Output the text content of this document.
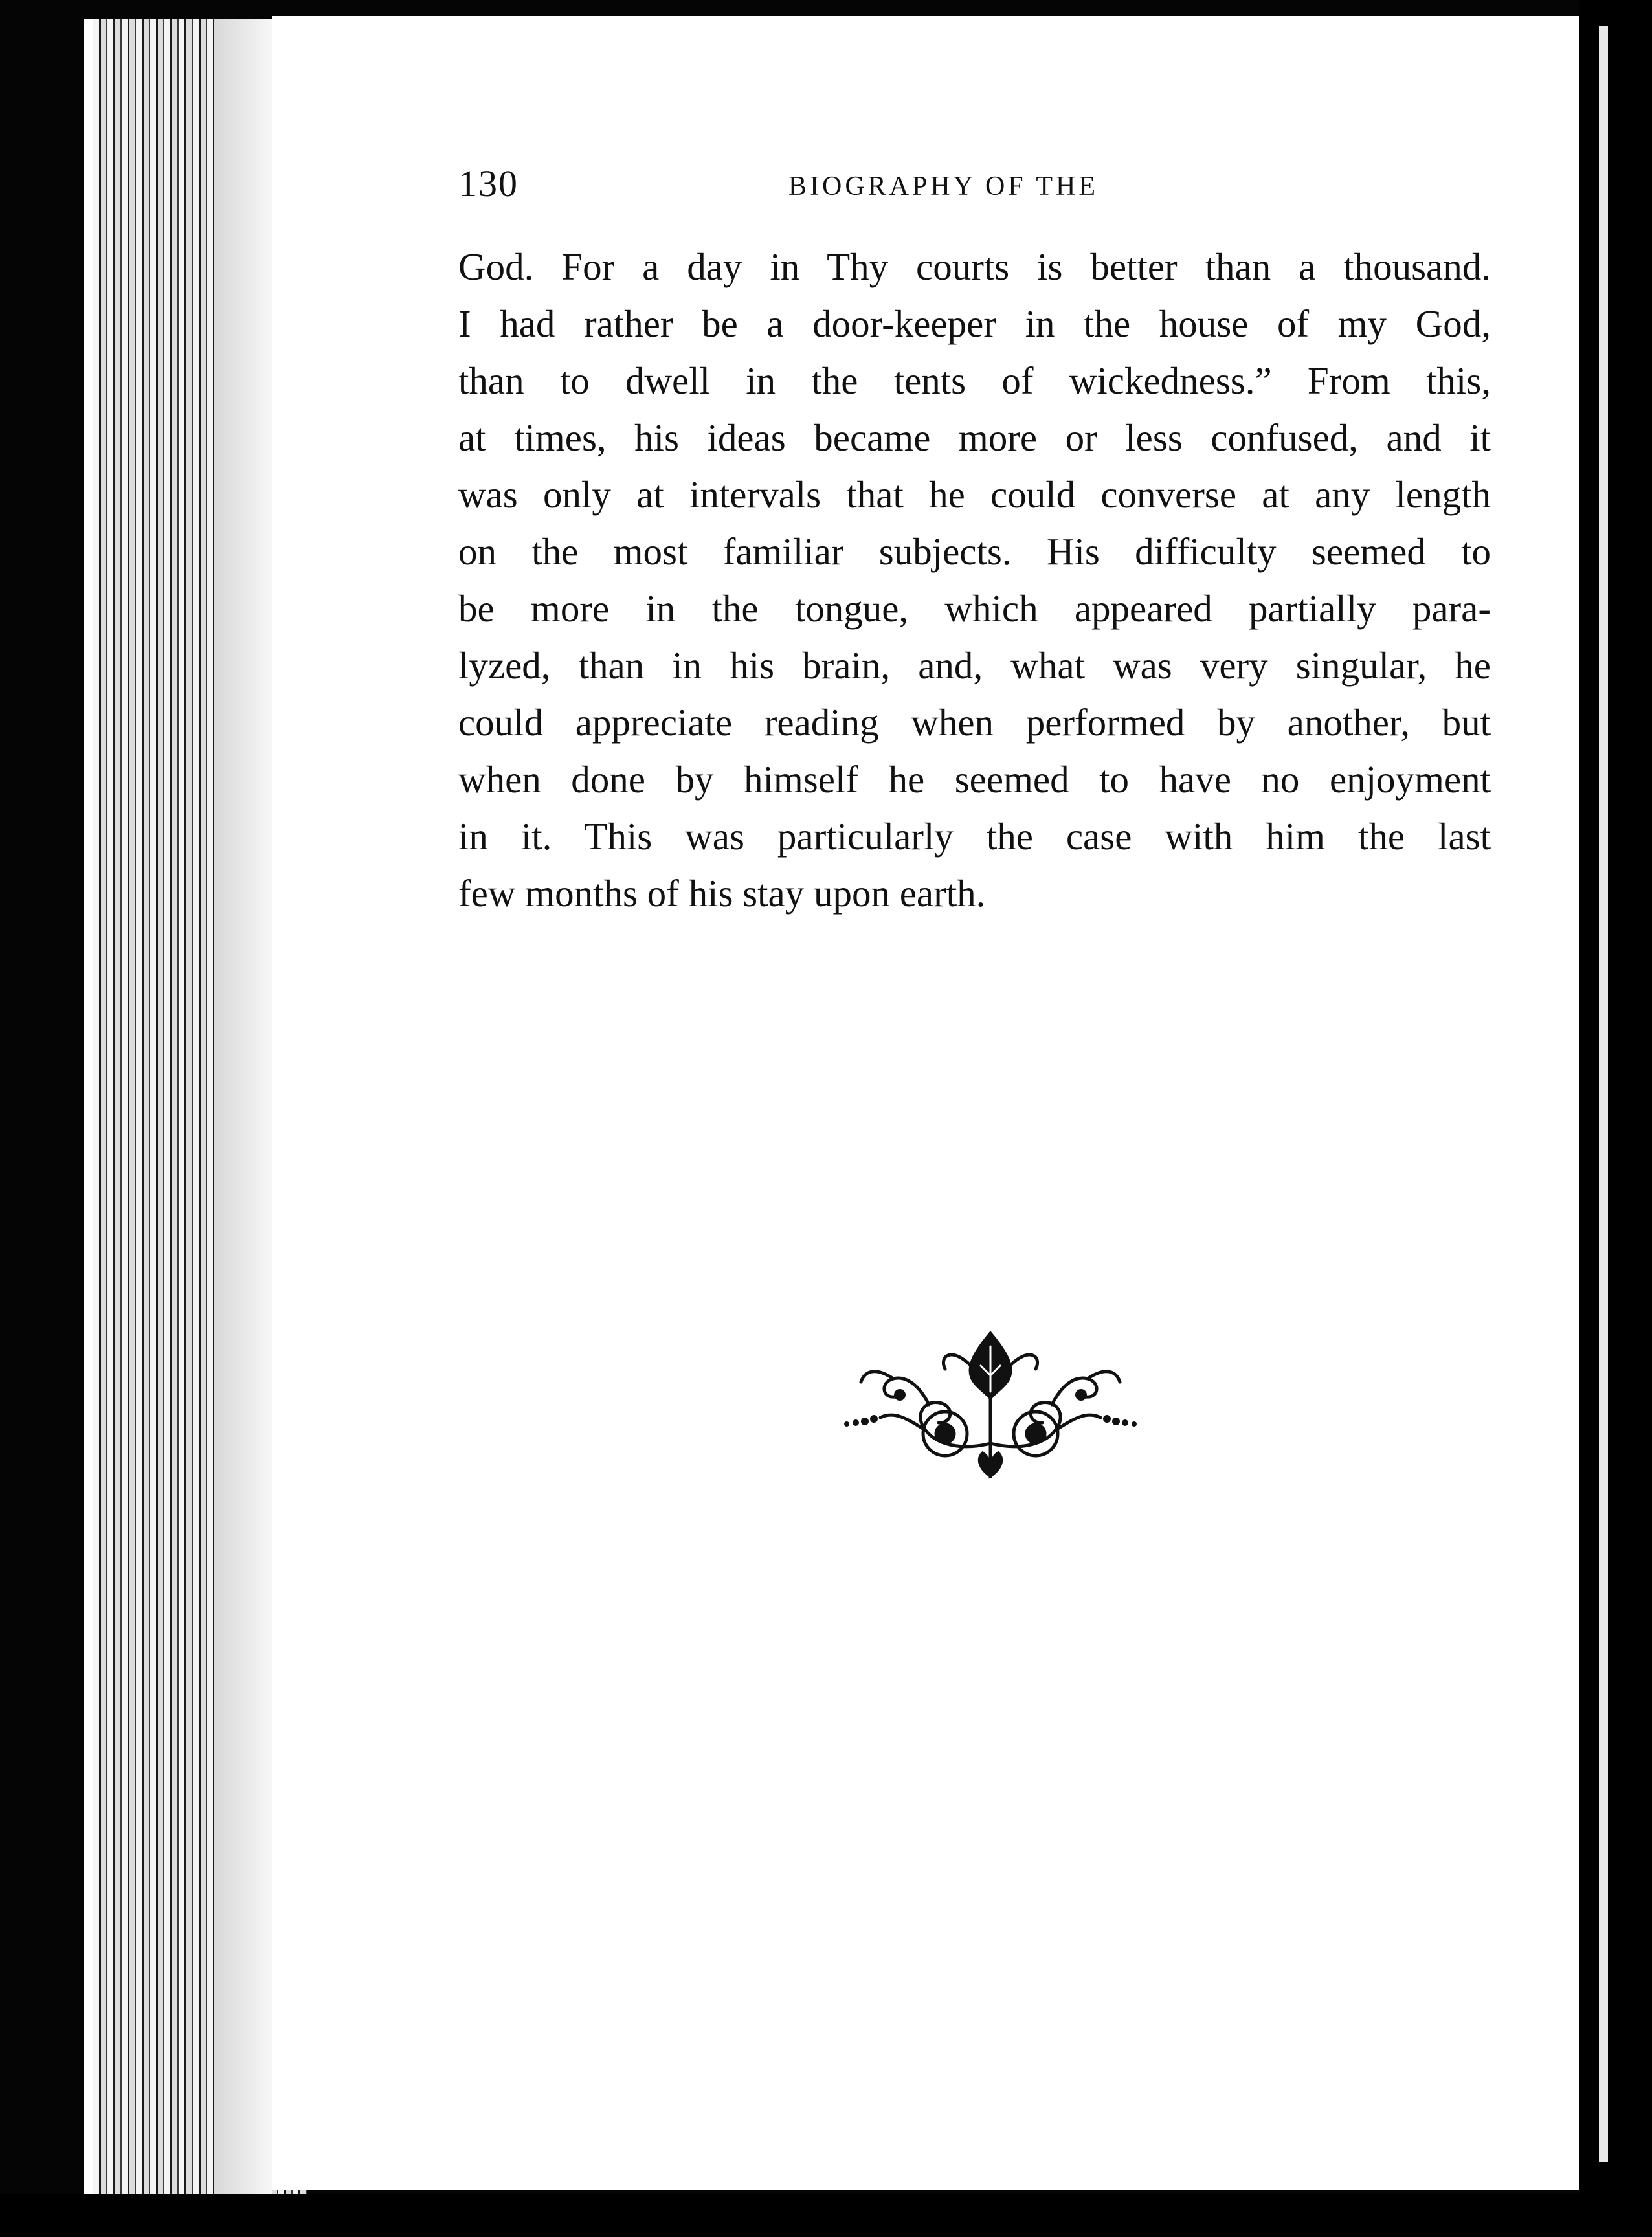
130	BIOGRAPHY OF THE
God. For a day in Thy courts is better than a thousand.
I had rather be a door-keeper in the house of my God,
than to dwell in the tents of wickedness.” From this,
at times, his ideas became more or less confused, and it
was only at intervals that he could converse at any length
on the most familiar subjects. His difficulty seemed to
be more in the tongue, which appeared partially para-
lyzed, than in his brain, and, what was very singular, he
could appreciate reading when performed by another, but
when done by himself he seemed to have no enjoyment
in it. This was particularly the case with him the last
few months of his stay upon earth.
